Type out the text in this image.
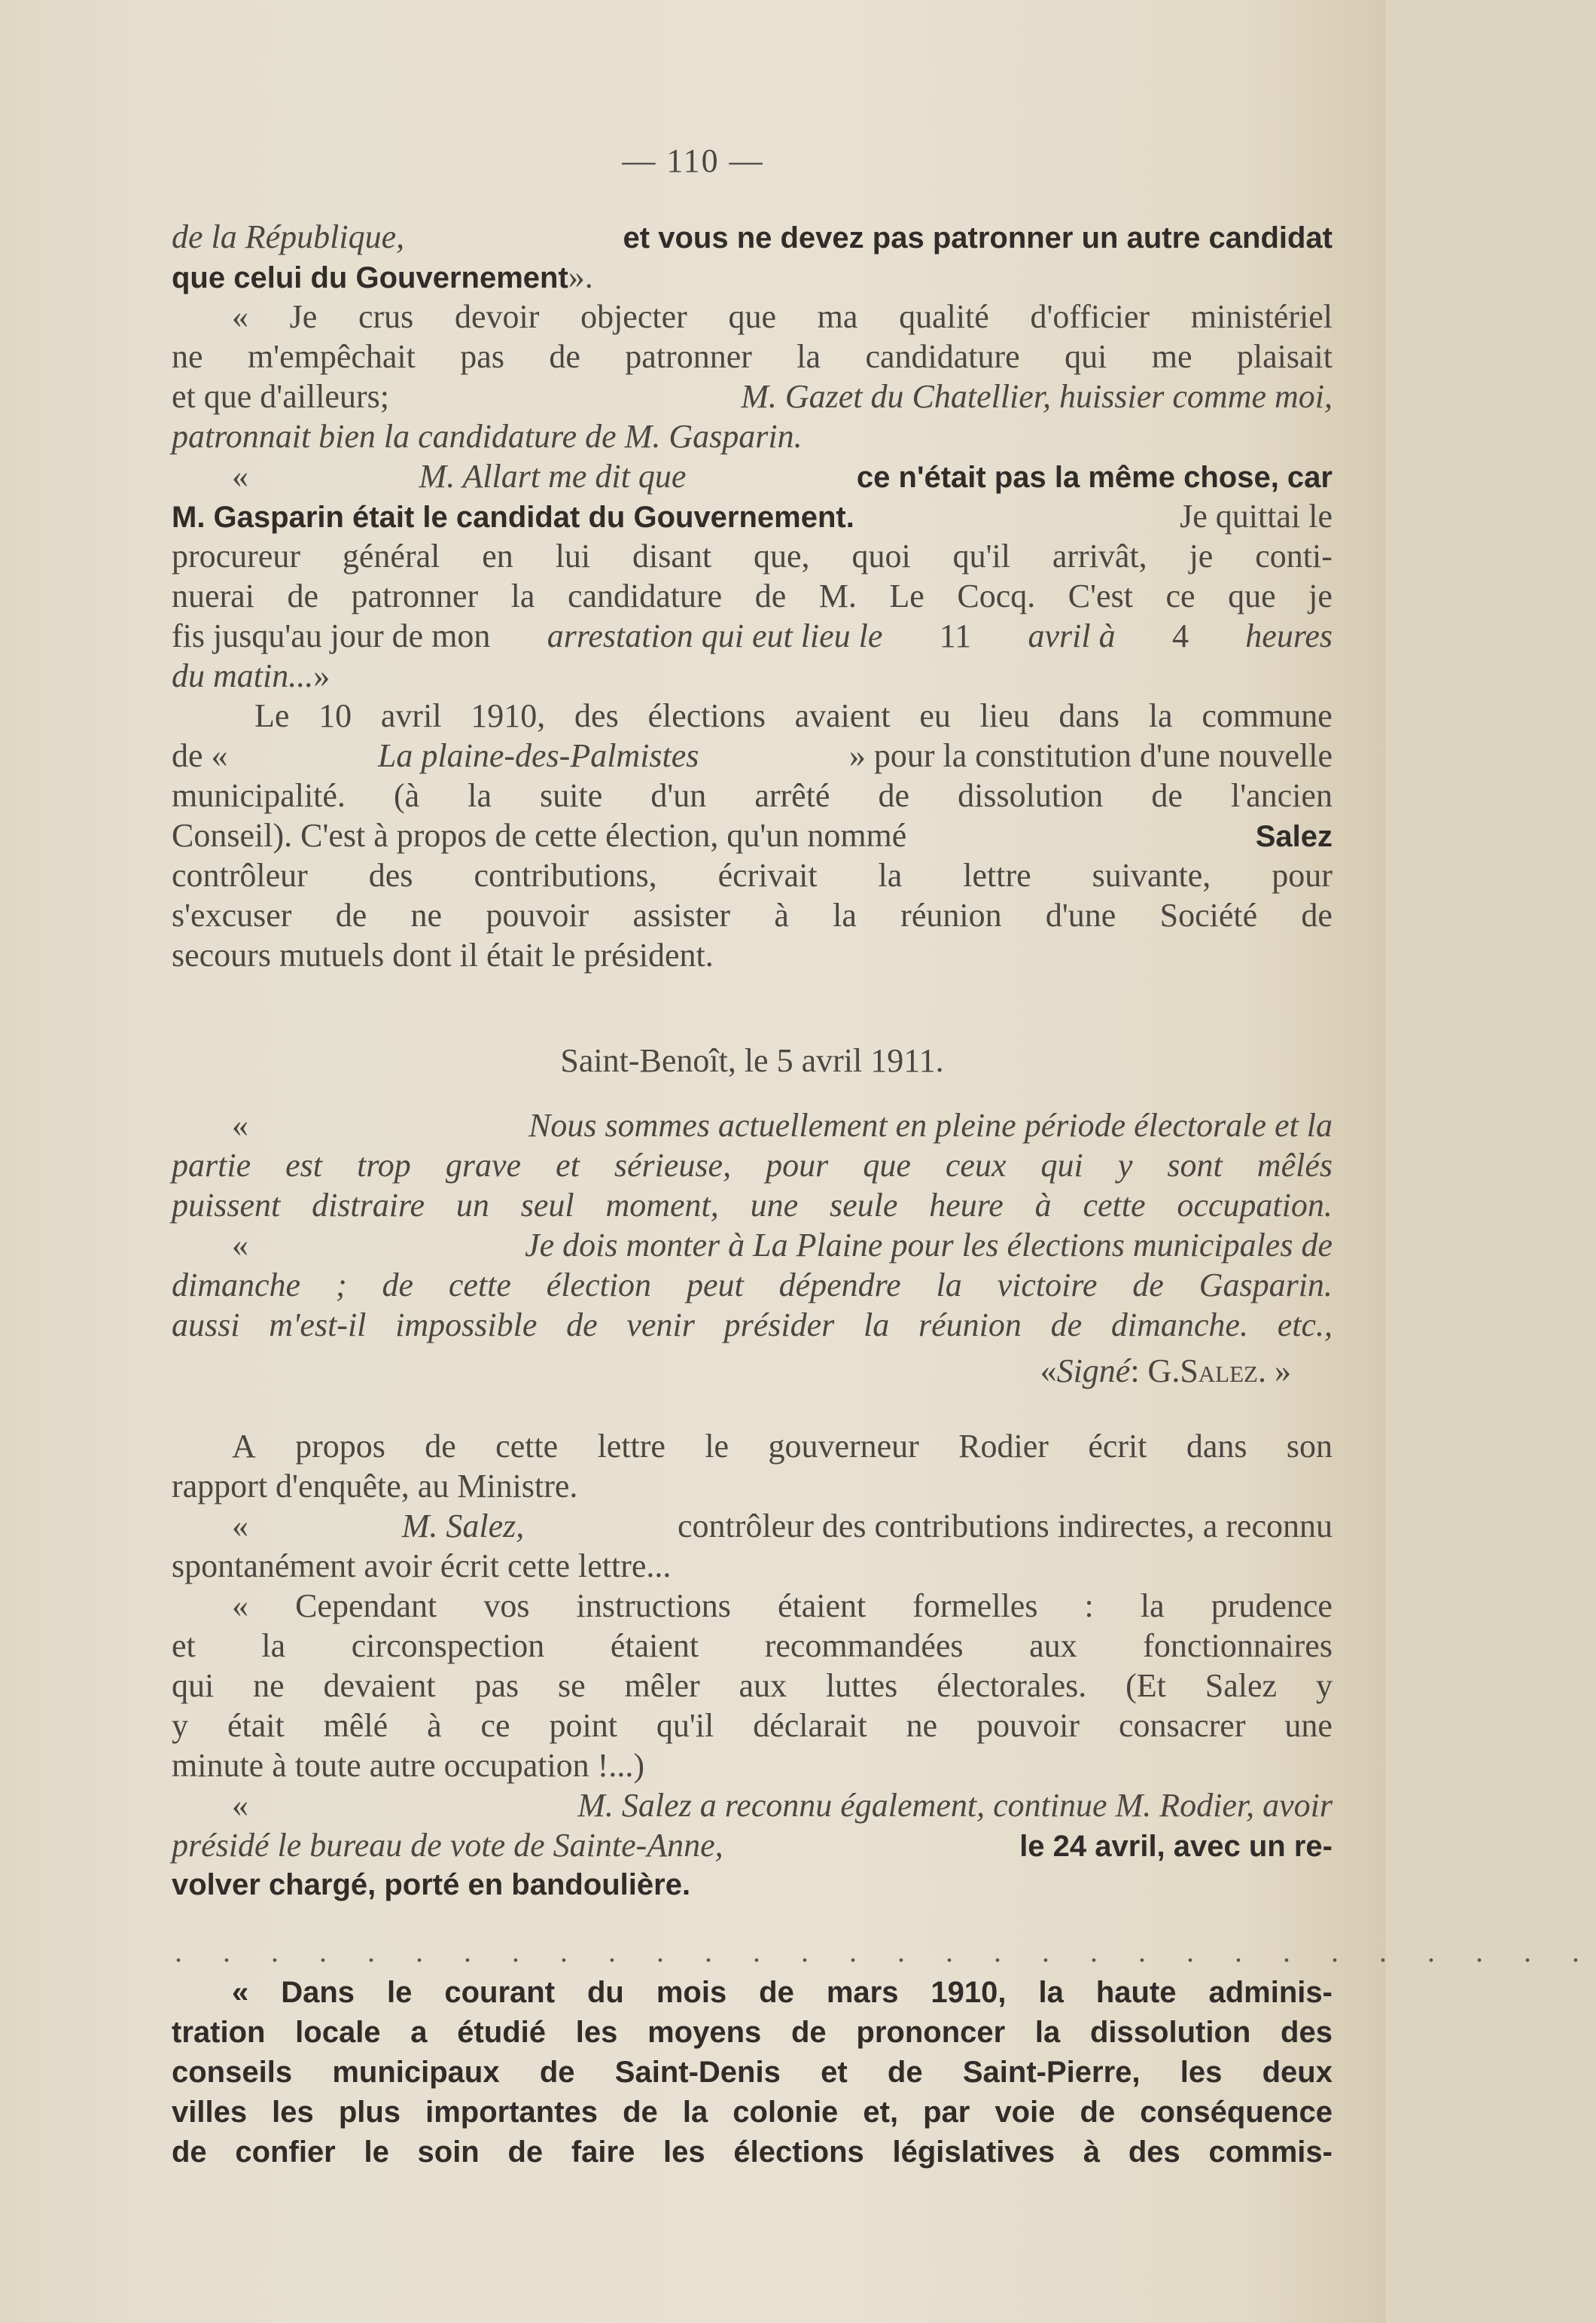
— 110 —
de la République,	et vous ne devez pas patronner un autre candidat
que celui du Gouvernement ».
« Je crus devoir objecter que ma qualité d'officier ministériel
ne m'empêchait pas de patronner la candidature qui me plaisait
et que d'ailleurs;	M. Gazet du Chatellier, huissier comme moi,
patronnait bien la candidature de M. Gasparin.
«	M. Allart me dit que	ce n'était pas la même chose, car
M. Gasparin était le candidat du Gouvernement.	Je quittai le
procureur général en lui disant que, quoi qu'il arrivât, je conti-
nuerai de patronner la candidature de M. Le Cocq. C'est ce que je
fis jusqu'au jour de mon arrestation qui eut lieu le 11 avril à 4 heures
du matin... »
Le 10 avril 1910, des élections avaient eu lieu dans la commune
de «	La plaine-des-Palmistes	» pour la constitution d'une nouvelle
municipalité. (à la suite d'un arrêté de dissolution de l'ancien
Conseil). C'est à propos de cette élection, qu'un nommé	Salez
contrôleur des contributions, écrivait la lettre suivante, pour
s'excuser de ne pouvoir assister à la réunion d'une Société de
secours mutuels dont il était le président.
Saint-Benoît, le 5 avril 1911.
«	Nous sommes actuellement en pleine période électorale et la
partie est trop grave et sérieuse, pour que ceux qui y sont mêlés
puissent distraire un seul moment, une seule heure à cette occupation.
«	Je dois monter à La Plaine pour les élections municipales de
dimanche ; de cette élection peut dépendre la victoire de Gasparin.
aussi m'est-il impossible de venir présider la réunion de dimanche. etc.,
« Signé : G. Salez . »
A propos de cette lettre le gouverneur Rodier écrit dans son
rapport d'enquête, au Ministre.
«	M. Salez,	contrôleur des contributions indirectes, a reconnu
spontanément avoir écrit cette lettre...
« Cependant vos instructions étaient formelles : la prudence
et la circonspection étaient recommandées aux fonctionnaires
qui ne devaient pas se mêler aux luttes électorales. (Et Salez y
y était mêlé à ce point qu'il déclarait ne pouvoir consacrer une
minute à toute autre occupation !...)
«	M. Salez a reconnu également, continue M. Rodier, avoir
présidé le bureau de vote de Sainte-Anne,	le 24 avril, avec un re-
volver chargé, porté en bandoulière.
. . . . . . . . . . . . . . . . . . . . . . . . . . . . . .
« Dans le courant du mois de mars 1910, la haute adminis-
tration locale a étudié les moyens de prononcer la dissolution des
conseils municipaux de Saint-Denis et de Saint-Pierre, les deux
villes les plus importantes de la colonie et, par voie de conséquence
de confier le soin de faire les élections législatives à des commis-
